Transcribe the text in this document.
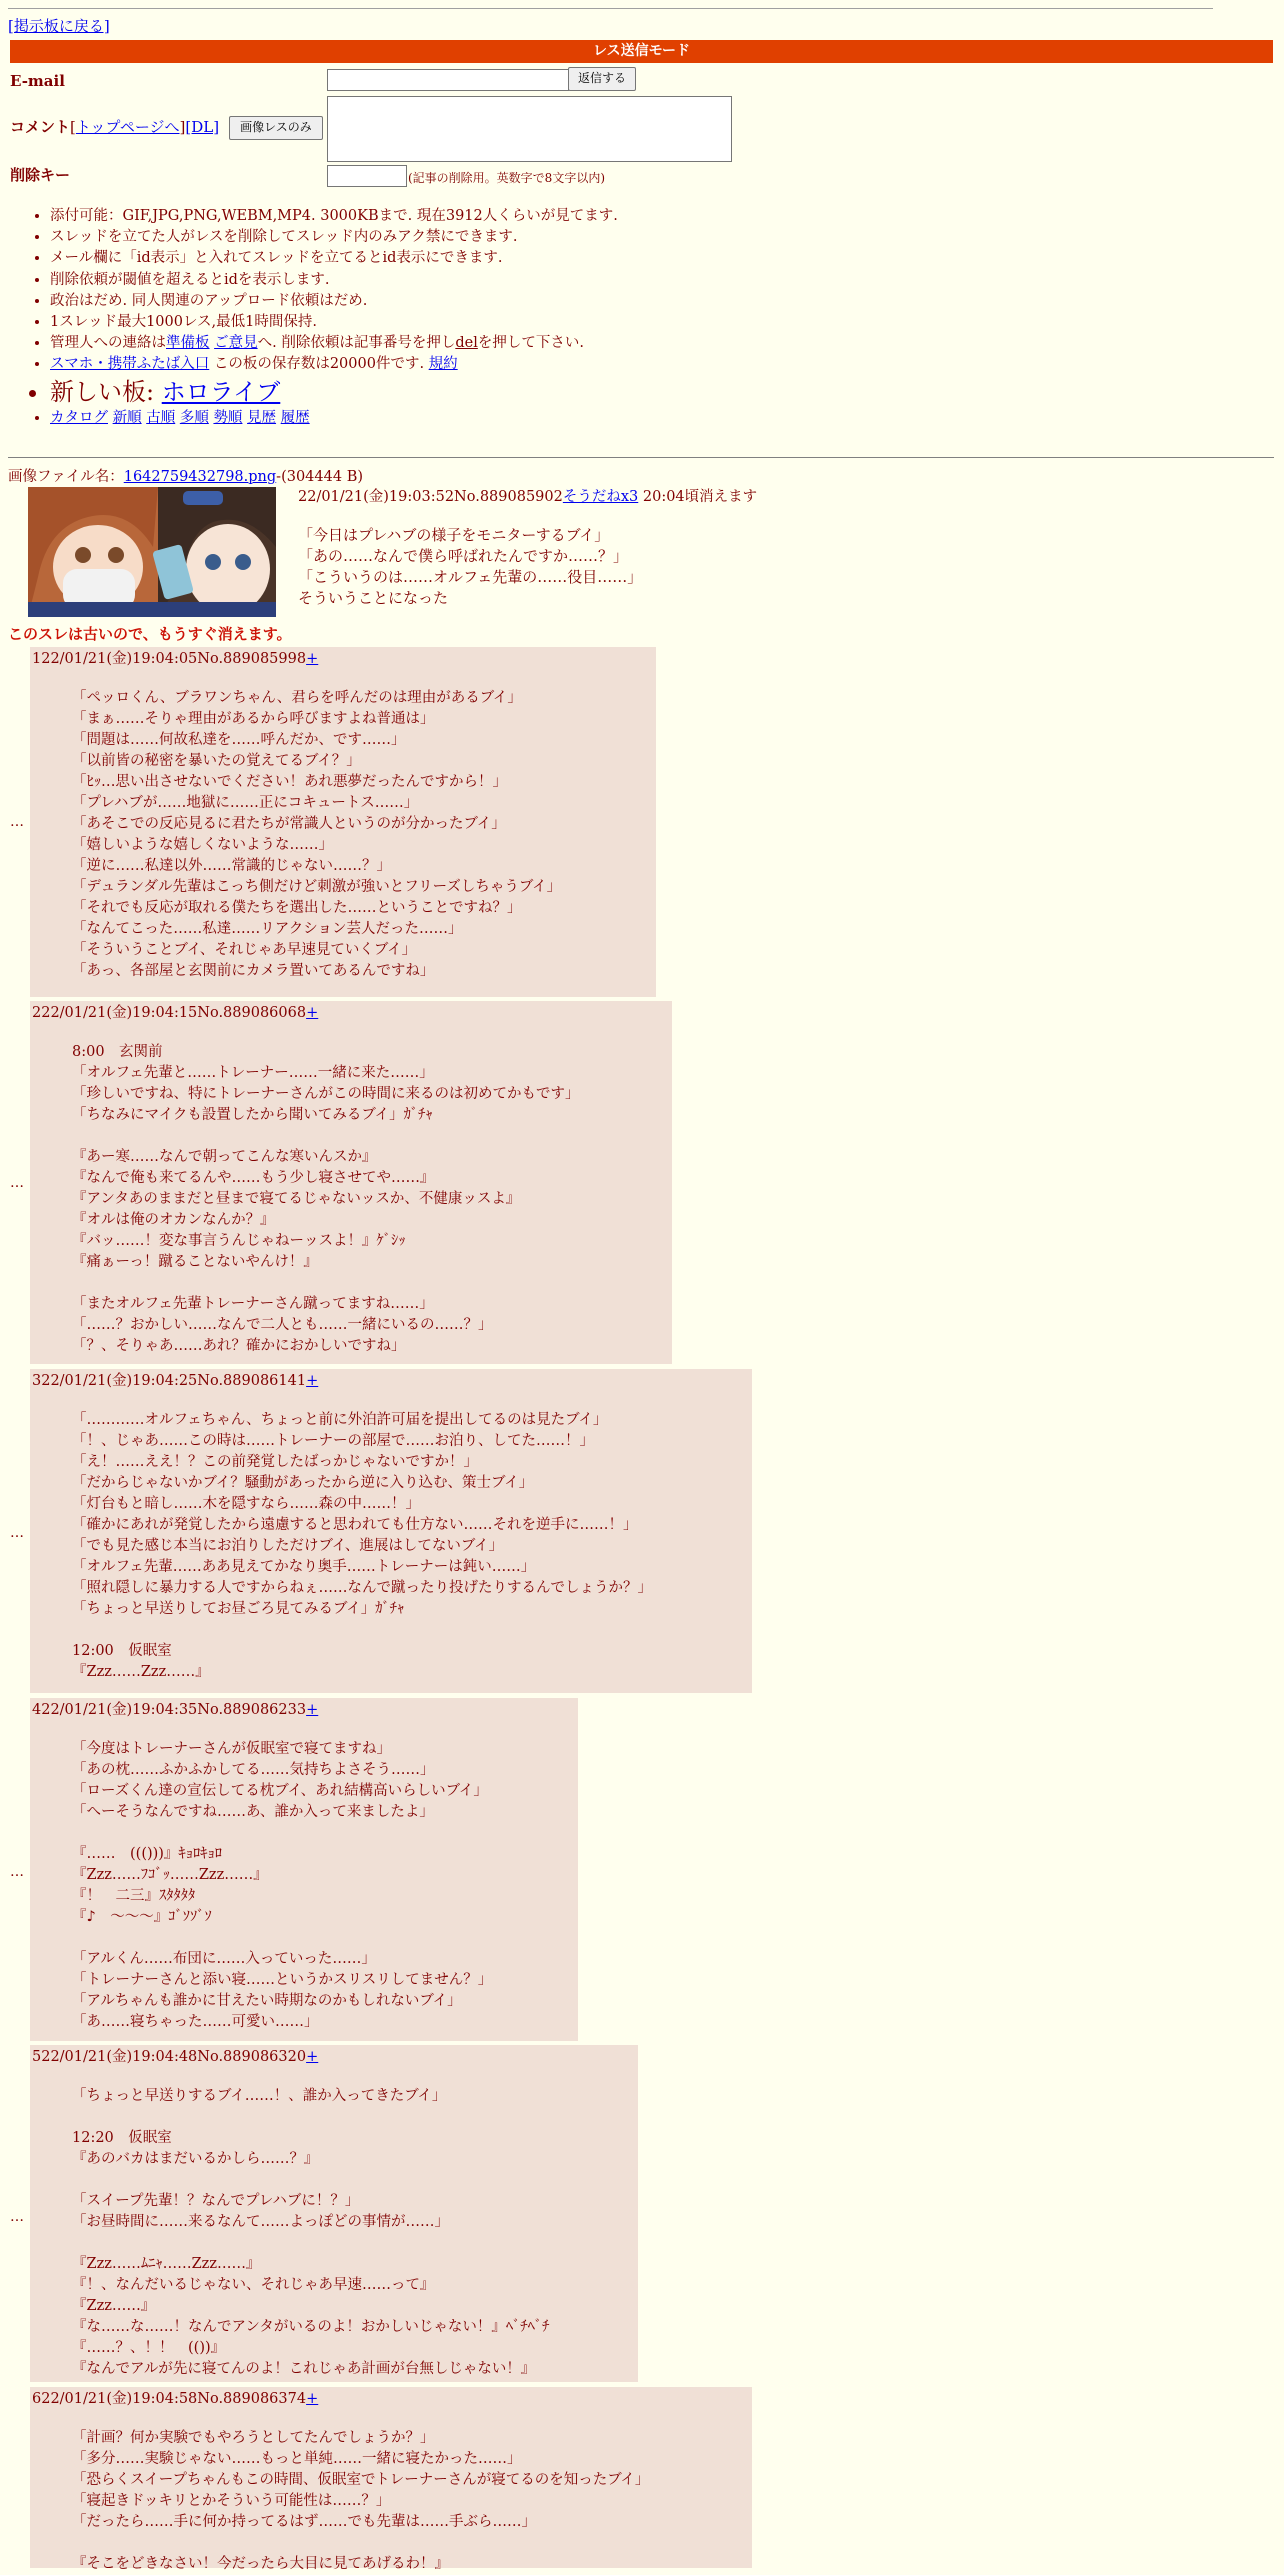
[掲示板に戻る]
レス送信モード
E-mail	返信する
コメント[トップページへ][DL]	画像レスのみ
削除キー	(記事の削除用。英数字で8文字以内)
• 添付可能：GIF,JPG,PNG,WEBM,MP4. 3000KBまで. 現在3912人くらいが見てます.
• スレッドを立てた人がレスを削除してスレッド内のみアク禁にできます.
• メール欄に「id表示」と入れてスレッドを立てるとid表示にできます.
• 削除依頼が閾値を超えるとidを表示します.
• 政治はだめ. 同人関連のアップロード依頼はだめ.
• 1スレッド最大1000レス,最低1時間保持.
• 管理人への連絡は準備板 ご意見へ. 削除依頼は記事番号を押しdelを押して下さい.
• スマホ・携帯ふたば入口 この板の保存数は20000件です. 規約
• 新しい板: ホロライブ
• カタログ 新順 古順 多順 勢順 見歴 履歴
画像ファイル名：1642759432798.png-(304444 B)
22/01/21(金)19:03:52No.889085902そうだねx3 20:04頃消えます
「今日はプレハブの様子をモニターするブイ」
「あの……なんで僕ら呼ばれたんですか……？」
「こういうのは……オルフェ先輩の……役目……」
そういうことになった
このスレは古いので、もうすぐ消えます。
…
122/01/21(金)19:04:05No.889085998+
「ペッロくん、ブラワンちゃん、君らを呼んだのは理由があるブイ」
「まぁ……そりゃ理由があるから呼びますよね普通は」
「問題は……何故私達を……呼んだか、です……」
「以前皆の秘密を暴いたの覚えてるブイ？」
「ﾋｯ…思い出させないでください！あれ悪夢だったんですから！」
「プレハブが……地獄に……正にコキュートス……」
「あそこでの反応見るに君たちが常識人というのが分かったブイ」
「嬉しいような嬉しくないような……」
「逆に……私達以外……常識的じゃない……？」
「デュランダル先輩はこっち側だけど刺激が強いとフリーズしちゃうブイ」
「それでも反応が取れる僕たちを選出した……ということですね？」
「なんてこった……私達……リアクション芸人だった……」
「そういうことブイ、それじゃあ早速見ていくブイ」
「あっ、各部屋と玄関前にカメラ置いてあるんですね」
…
222/01/21(金)19:04:15No.889086068+
8:00　玄関前
「オルフェ先輩と……トレーナー……一緒に来た……」
「珍しいですね、特にトレーナーさんがこの時間に来るのは初めてかもです」
「ちなみにマイクも設置したから聞いてみるブイ」ｶﾞﾁｬ

『あー寒……なんで朝ってこんな寒いんスか』
『なんで俺も来てるんや……もう少し寝させてや……』
『アンタあのままだと昼まで寝てるじゃないッスか、不健康ッスよ』
『オルは俺のオカンなんか？』
『バッ……！変な事言うんじゃねーッスよ！』ｹﾞｼｯ
『痛ぁーっ！蹴ることないやんけ！』

「またオルフェ先輩トレーナーさん蹴ってますね……」
「……？おかしい……なんで二人とも……一緒にいるの……？」
「？、そりゃあ……あれ？確かにおかしいですね」
…
322/01/21(金)19:04:25No.889086141+
「…………オルフェちゃん、ちょっと前に外泊許可届を提出してるのは見たブイ」
「！、じゃあ……この時は……トレーナーの部屋で……お泊り、してた……！」
「え！……ええ！？この前発覚したばっかじゃないですか！」
「だからじゃないかブイ？騒動があったから逆に入り込む、策士ブイ」
「灯台もと暗し……木を隠すなら……森の中……！」
「確かにあれが発覚したから遠慮すると思われても仕方ない……それを逆手に……！」
「でも見た感じ本当にお泊りしただけブイ、進展はしてないブイ」
「オルフェ先輩……ああ見えてかなり奥手……トレーナーは鈍い……」
「照れ隠しに暴力する人ですからねぇ……なんで蹴ったり投げたりするんでしょうか？」
「ちょっと早送りしてお昼ごろ見てみるブイ」ｶﾞﾁｬ

12:00　仮眠室
『Zzz……Zzz……』
…
422/01/21(金)19:04:35No.889086233+
「今度はトレーナーさんが仮眠室で寝てますね」
「あの枕……ふかふかしてる……気持ちよさそう……」
「ローズくん達の宣伝してる枕ブイ、あれ結構高いらしいブイ」
「へーそうなんですね……あ、誰か入って来ましたよ」

『……　((()))』ｷｮﾛｷｮﾛ
『Zzz……ﾌｺﾞｯ……Zzz……』
『！　二三』ｽﾀﾀﾀﾀ
『♪　～～～』ｺﾞｿｿﾞｿ

「アルくん……布団に……入っていった……」
「トレーナーさんと添い寝……というかスリスリしてません？」
「アルちゃんも誰かに甘えたい時期なのかもしれないブイ」
「あ……寝ちゃった……可愛い……」
…
522/01/21(金)19:04:48No.889086320+
「ちょっと早送りするブイ……！、誰か入ってきたブイ」

12:20　仮眠室
『あのバカはまだいるかしら……？』

「スイープ先輩！？なんでプレハブに！？」
「お昼時間に……来るなんて……よっぽどの事情が……」

『Zzz……ﾑﾆｬ……Zzz……』
『！、なんだいるじゃない、それじゃあ早速……って』
『Zzz……』
『な……な……！なんでアンタがいるのよ！おかしいじゃない！』ﾍﾞﾁﾍﾞﾁ
『……？、！！　(())』
『なんでアルが先に寝てんのよ！これじゃあ計画が台無しじゃない！』
622/01/21(金)19:04:58No.889086374+
「計画？何か実験でもやろうとしてたんでしょうか？」
「多分……実験じゃない……もっと単純……一緒に寝たかった……」
「恐らくスイープちゃんもこの時間、仮眠室でトレーナーさんが寝てるのを知ったブイ」
「寝起きドッキリとかそういう可能性は……？」
「だったら……手に何か持ってるはず……でも先輩は……手ぶら……」

『そこをどきなさい！今だったら大目に見てあげるわ！』
